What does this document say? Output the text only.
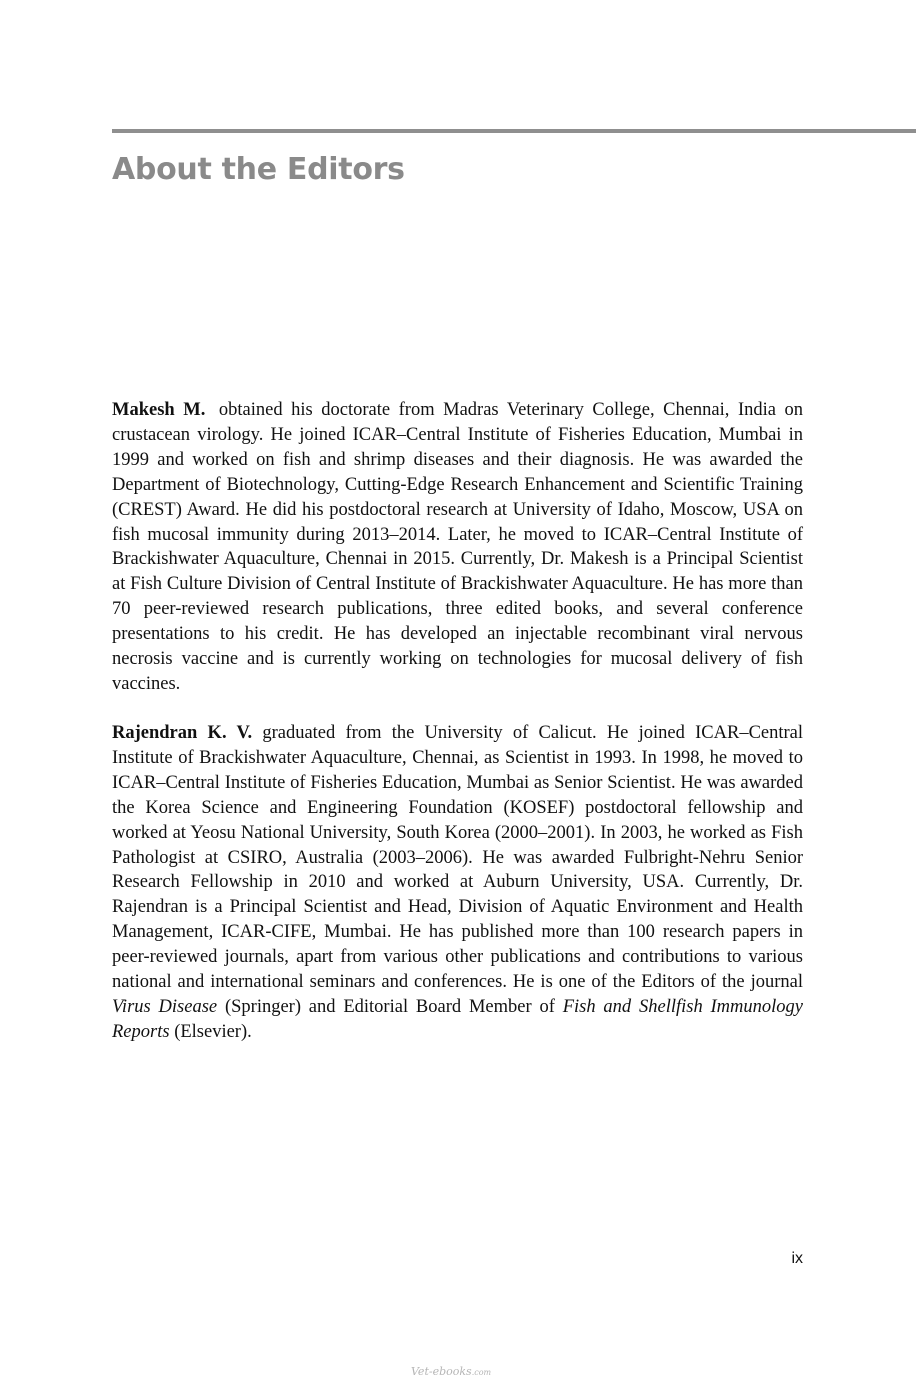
About the Editors

Makesh M. obtained his doctorate from Madras Veterinary College, Chennai, India on crustacean virology. He joined ICAR–Central Institute of Fisheries Education, Mumbai in 1999 and worked on fish and shrimp diseases and their diagnosis. He was awarded the Department of Biotechnology, Cutting-Edge Research Enhancement and Scientific Training (CREST) Award. He did his postdoctoral research at University of Idaho, Moscow, USA on fish mucosal immunity during 2013–2014. Later, he moved to ICAR–Central Institute of Brackishwater Aquaculture, Chennai in 2015. Currently, Dr. Makesh is a Principal Scientist at Fish Culture Division of Central Institute of Brackishwater Aquaculture. He has more than 70 peer-reviewed research publications, three edited books, and several conference presentations to his credit. He has developed an injectable recombinant viral nervous necrosis vaccine and is currently working on technologies for mucosal delivery of fish vaccines.

Rajendran K. V. graduated from the University of Calicut. He joined ICAR–Central Institute of Brackishwater Aquaculture, Chennai, as Scientist in 1993. In 1998, he moved to ICAR–Central Institute of Fisheries Education, Mumbai as Senior Scientist. He was awarded the Korea Science and Engineering Foundation (KOSEF) postdoctoral fellowship and worked at Yeosu National University, South Korea (2000–2001). In 2003, he worked as Fish Pathologist at CSIRO, Australia (2003–2006). He was awarded Fulbright-Nehru Senior Research Fellowship in 2010 and worked at Auburn University, USA. Currently, Dr. Rajendran is a Principal Scientist and Head, Division of Aquatic Environment and Health Management, ICAR-CIFE, Mumbai. He has published more than 100 research papers in peer-reviewed journals, apart from various other publications and contributions to various national and international seminars and conferences. He is one of the Editors of the journal Virus Disease (Springer) and Editorial Board Member of Fish and Shellfish Immunology Reports (Elsevier).

ix
Vet-ebooks.com
